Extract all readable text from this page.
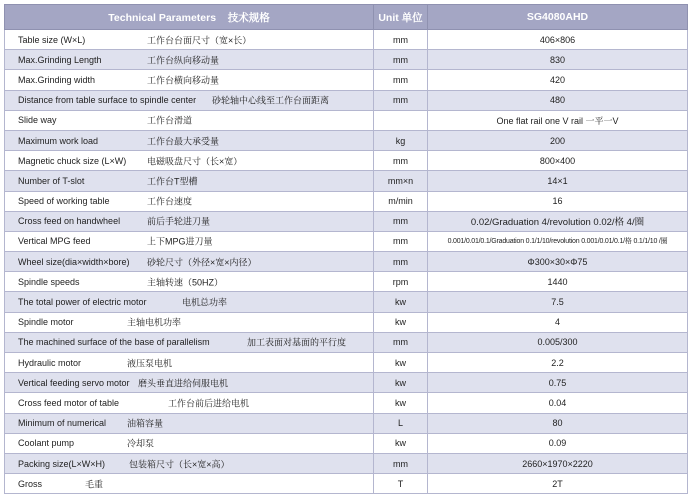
Technical Parameters 技术规格	Unit 单位	SG4080AHD

Table size (W×L) 工作台台面尺寸（宽×长）	mm	406×806

Max.Grinding Length 工作台纵向移动量	mm	830

Max.Grinding width 工作台横向移动量	mm	420

Distance from table surface to spindle center 砂轮轴中心线至工作台面距离	mm	480

Slide way 工作台滑道		One flat rail one V rail 一平一V

Maximum work load 工作台最大承受量	kg	200

Magnetic chuck size (L×W) 电磁吸盘尺寸（长×宽）	mm	800×400

Number of T-slot 工作台T型槽	mm×n	14×1

Speed of working table 工作台速度	m/min	16

Cross feed on handwheel 前后手轮进刀量	mm	0.02/Graduation 4/revolution 0.02/格 4/圈

Vertical MPG feed 上下MPG进刀量	mm	0.001/0.01/0.1/Graduation 0.1/1/10/revolution 0.001/0.01/0.1/格 0.1/1/10 /圈

Wheel size(dia×width×bore) 砂轮尺寸（外径×宽×内径）	mm	Φ300×30×Φ75

Spindle speeds 主轴转速（50HZ）	rpm	1440

The total power of electric motor 电机总功率	kw	7.5

Spindle motor 主轴电机功率	kw	4

The machined surface of the base of parallelism 加工表面对基面的平行度	mm	0.005/300

Hydraulic motor 液压泵电机	kw	2.2

Vertical feeding servo motor 磨头垂直进给伺服电机	kw	0.75

Cross feed motor of table 工作台前后进给电机	kw	0.04

Minimum of numerical 油箱容量	L	80

Coolant pump 冷却泵	kw	0.09

Packing size(L×W×H) 包装箱尺寸（长×宽×高）	mm	2660×1970×2220

Gross 毛重	T	2T
